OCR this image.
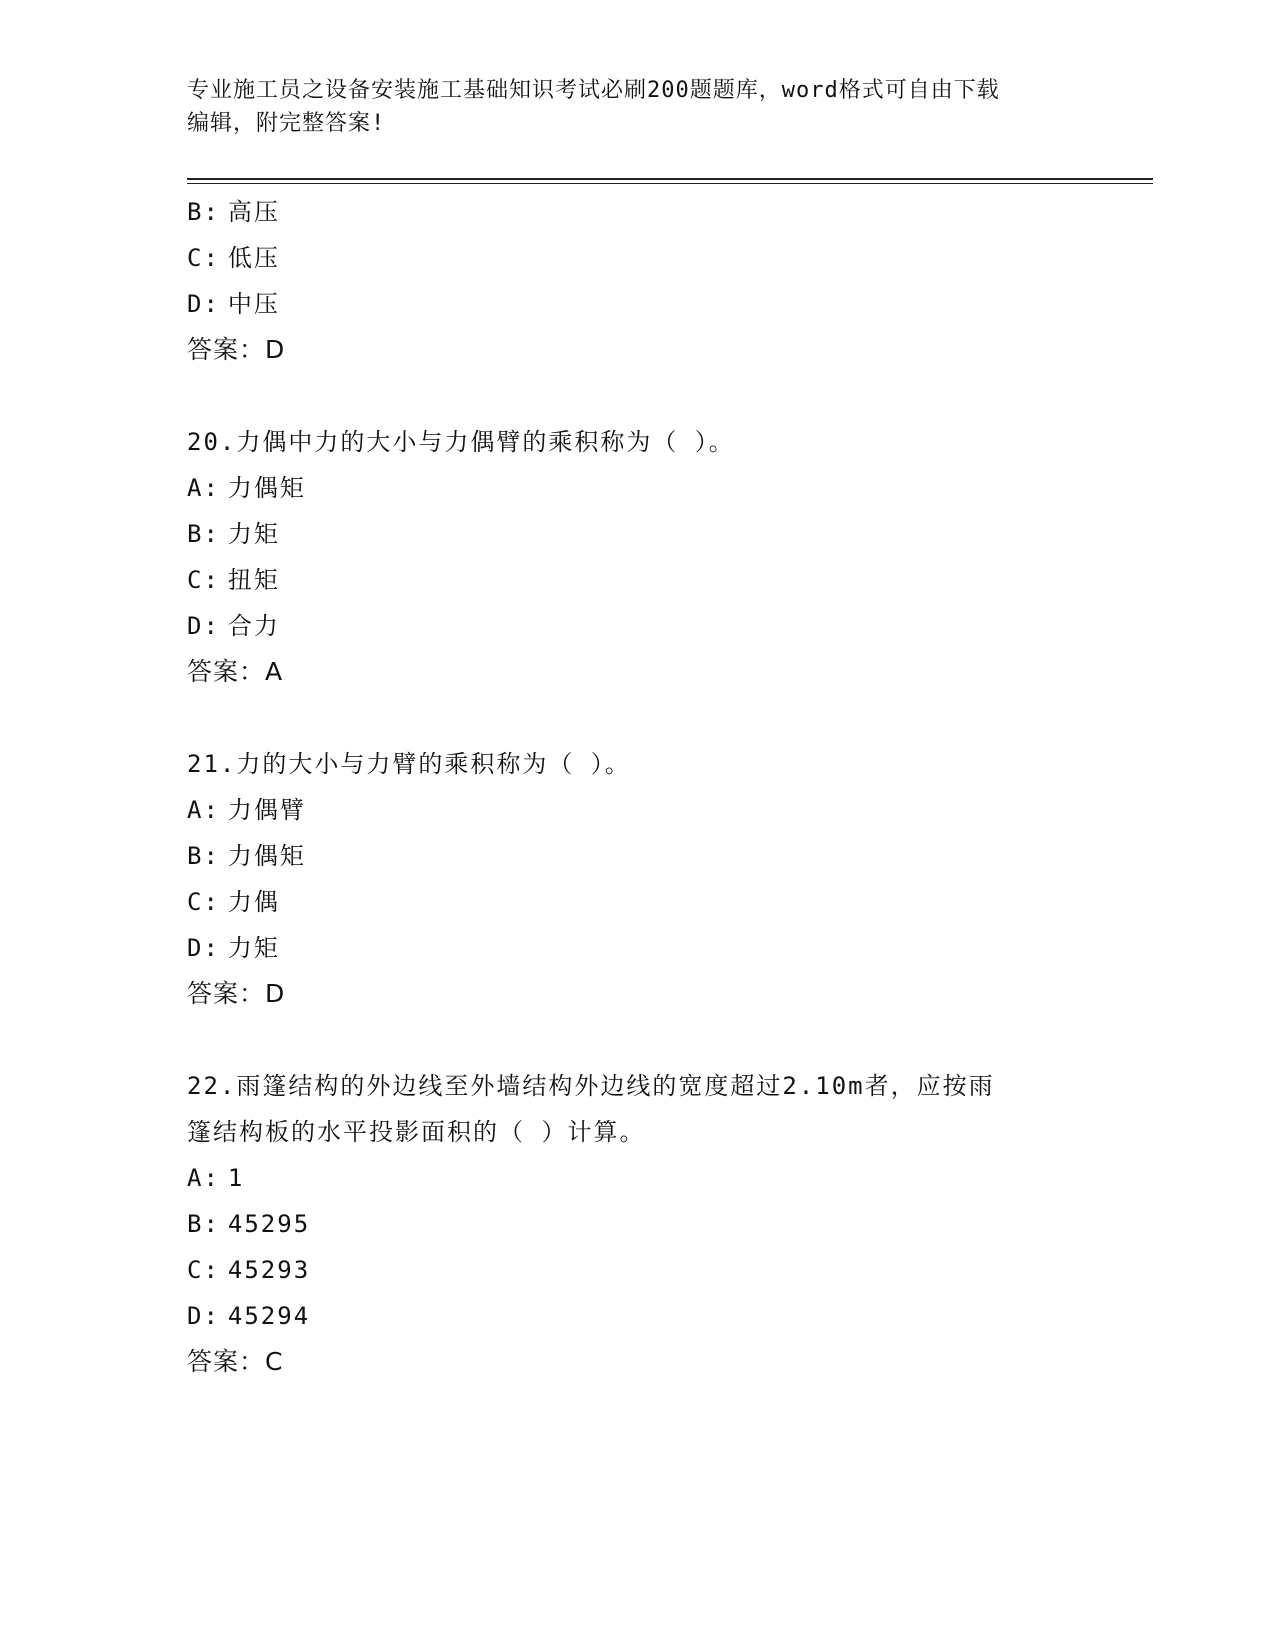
专业施工员之设备安装施工基础知识考试必刷200题题库，word格式可自由下载
编辑，附完整答案!
B: 高压
C: 低压
D: 中压
答案：D
20.力偶中力的大小与力偶臂的乘积称为（ ）。
A: 力偶矩
B: 力矩
C: 扭矩
D: 合力
答案：A
21.力的大小与力臂的乘积称为（ ）。
A: 力偶臂
B: 力偶矩
C: 力偶
D: 力矩
答案：D
22.雨篷结构的外边线至外墙结构外边线的宽度超过2.10m者，应按雨
篷结构板的水平投影面积的（ ）计算。
A: 1
B: 45295
C: 45293
D: 45294
答案：C
